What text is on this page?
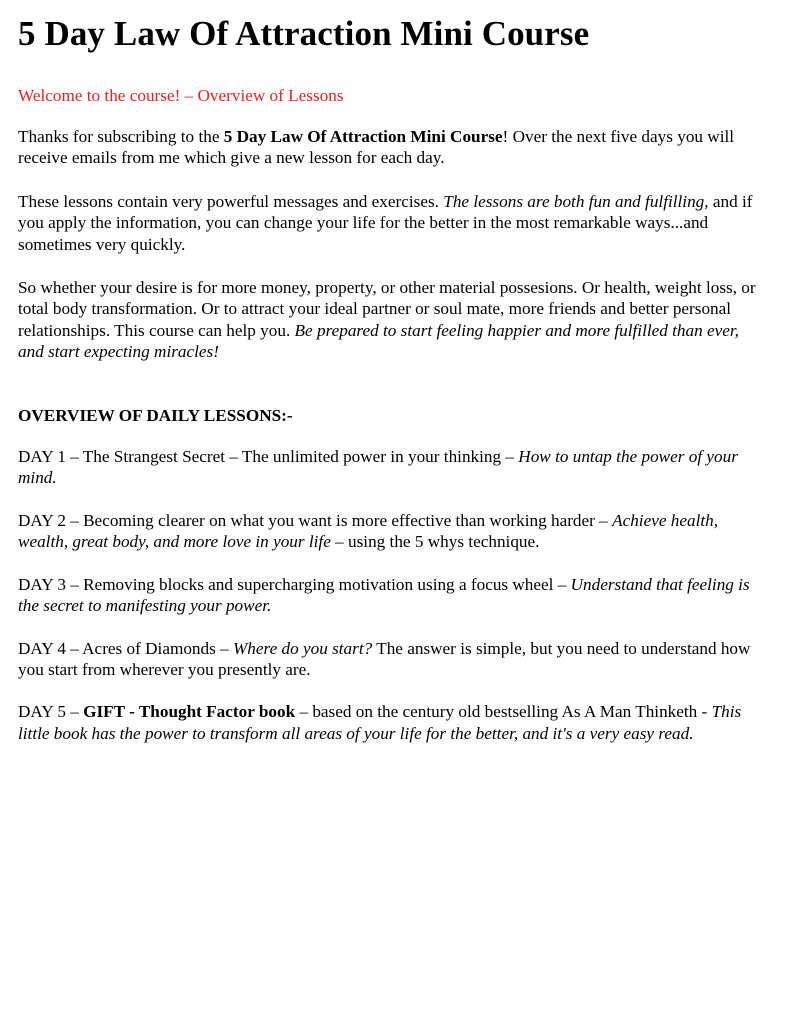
5 Day Law Of Attraction Mini Course

Welcome to the course! – Overview of Lessons

Thanks for subscribing to the 5 Day Law Of Attraction Mini Course! Over the next five days you will receive emails from me which give a new lesson for each day.

These lessons contain very powerful messages and exercises. The lessons are both fun and fulfilling, and if you apply the information, you can change your life for the better in the most remarkable ways...and sometimes very quickly.

So whether your desire is for more money, property, or other material possesions. Or health, weight loss, or total body transformation. Or to attract your ideal partner or soul mate, more friends and better personal relationships. This course can help you. Be prepared to start feeling happier and more fulfilled than ever, and start expecting miracles!

OVERVIEW OF DAILY LESSONS:-

DAY 1 – The Strangest Secret – The unlimited power in your thinking – How to untap the power of your mind.

DAY 2 – Becoming clearer on what you want is more effective than working harder – Achieve health, wealth, great body, and more love in your life – using the 5 whys technique.

DAY 3 – Removing blocks and supercharging motivation using a focus wheel – Understand that feeling is the secret to manifesting your power.

DAY 4 – Acres of Diamonds – Where do you start? The answer is simple, but you need to understand how you start from wherever you presently are.

DAY 5 – GIFT - Thought Factor book – based on the century old bestselling As A Man Thinketh - This little book has the power to transform all areas of your life for the better, and it's a very easy read.
